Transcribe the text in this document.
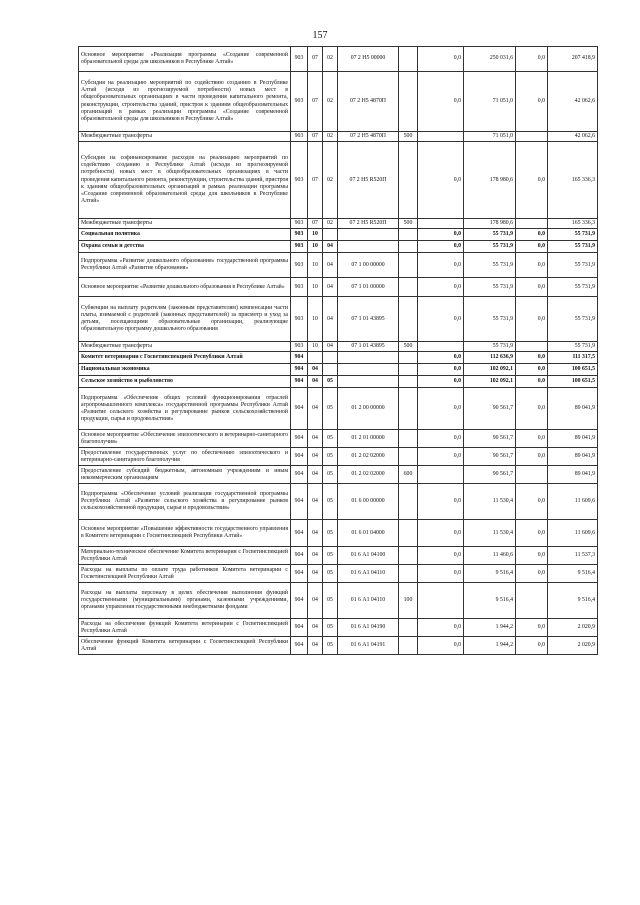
157
Основное мероприятие «Реализация программы «Создание современной образовательной среды для школьников в Республике Алтай»	903	07	02	07 2 Н5 00000		0,0	250 031,6	0,0	207 418,9
Субсидия на реализацию мероприятий по содействию созданию в Республике Алтай (исходя из прогнозируемой потребности) новых мест в общеобразовательных организациях в части проведения капитального ремонта, реконструкции, строительства зданий, пристроя к зданиям общеобразовательных организаций в рамках реализации программы «Создание современной образовательной среды для школьников в Республике Алтай»	903	07	02	07 2 Н5 4870П		0,0	71 051,0	0,0	42 062,6
Межбюджетные трансферты	903	07	02	07 2 Н5 4870П	500		71 051,0		42 062,6
Субсидия на софинансирование расходов на реализацию мероприятий по содействию созданию в Республике Алтай (исходя из прогнозируемой потребности) новых мест в общеобразовательных организациях в части проведения капитального ремонта, реконструкции, строительства зданий, пристроя к зданиям общеобразовательных организаций в рамках реализации программы «Создание современной образовательной среды для школьников в Республике Алтай»	903	07	02	07 2 Н5 R520П		0,0	178 980,6	0,0	165 336,3
Межбюджетные трансферты	903	07	02	07 2 Н5 R520П	500		178 980,6		165 336,3
Социальная политика	903	10				0,0	55 731,9	0,0	55 731,9
Охрана семьи и детства	903	10	04			0,0	55 731,9	0,0	55 731,9
Подпрограмма «Развитие дошкольного образования» государственной программы Республики Алтай «Развитие образования»	903	10	04	07 1 00 00000		0,0	55 731,9	0,0	55 731,9
Основное мероприятие «Развитие дошкольного образования в Республике Алтай»	903	10	04	07 1 01 00000		0,0	55 731,9	0,0	55 731,9
Субвенции на выплату родителям (законным представителям) компенсации части платы, взимаемой с родителей (законных представителей) за присмотр и уход за детьми, посещающими образовательные организации, реализующие образовательную программу дошкольного образования	903	10	04	07 1 01 43895		0,0	55 731,9	0,0	55 731,9
Межбюджетные трансферты	903	10	04	07 1 01 43895	500		55 731,9		55 731,9
Комитет ветеринарии с Госветинспекцией Республики Алтай	904					0,0	112 636,9	0,0	111 317,5
Национальная экономика	904	04				0,0	102 092,1	0,0	100 651,5
Сельское хозяйство и рыболовство	904	04	05			0,0	102 092,1	0,0	100 651,5
Подпрограмма «Обеспечение общих условий функционирования отраслей агропромышленного комплекса» государственной программы Республики Алтай «Развитие сельского хозяйства и регулирование рынков сельскохозяйственной продукции, сырья и продовольствия»	904	04	05	01 2 00 00000		0,0	90 561,7	0,0	89 041,9
Основное мероприятие «Обеспечение эпизоотического и ветеринарно-санитарного благополучия»	904	04	05	01 2 01 00000		0,0	90 561,7	0,0	89 041,9
Предоставление государственных услуг по обеспечению эпизоотического и ветеринарно-санитарного благополучия	904	04	05	01 2 02 02000		0,0	90 561,7	0,0	89 041,9
Предоставление субсидий бюджетным, автономным учреждениям и иным некоммерческим организациям	904	04	05	01 2 02 02000	600		90 561,7		89 041,9
Подпрограмма «Обеспечение условий реализации государственной программы Республики Алтай «Развитие сельского хозяйства и регулирование рынков сельскохозяйственной продукции, сырья и продовольствия»	904	04	05	01 6 00 00000		0,0	11 530,4	0,0	11 609,6
Основное мероприятие «Повышение эффективности государственного управления в Комитете ветеринарии с Госветинспекцией Республики Алтай»	904	04	05	01 6 01 04000		0,0	11 530,4	0,0	11 609,6
Материально-техническое обеспечение Комитета ветеринарии с Госветинспекцией Республики Алтай	904	04	05	01 6 А1 04100		0,0	11 460,6	0,0	11 537,3
Расходы на выплаты по оплате труда работников Комитета ветеринарии с Госветинспекцией Республики Алтай	904	04	05	01 6 А1 04110		0,0	9 516,4	0,0	9 516,4
Расходы на выплаты персоналу в целях обеспечения выполнения функций государственными (муниципальными) органами, казенными учреждениями, органами управления государственными внебюджетными фондами	904	04	05	01 6 А1 04110	100		9 516,4		9 516,4
Расходы на обеспечение функций Комитета ветеринарии с Госветинспекцией Республики Алтай	904	04	05	01 6 А1 04190		0,0	1 944,2	0,0	2 020,9
Обеспечение функций Комитета ветеринарии с Госветинспекцией Республики Алтай	904	04	05	01 6 А1 04191		0,0	1 944,2	0,0	2 020,9
